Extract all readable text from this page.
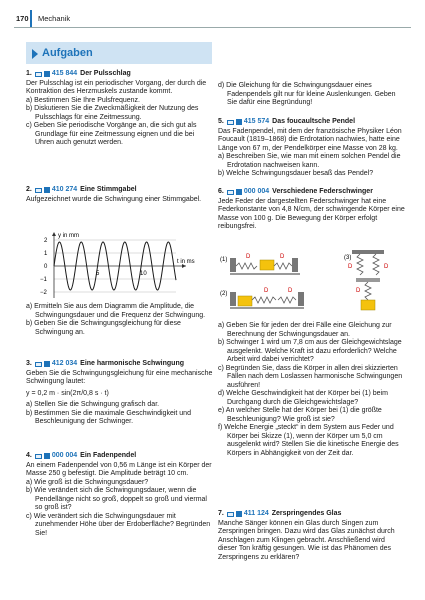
170 Mechanik
Aufgaben
1.	415 844 Der Pulsschlag

Der Pulsschlag ist ein periodischer Vorgang, der durch die Kontraktion des Herzmuskels zustande kommt.

a) Bestimmen Sie Ihre Pulsfrequenz.

b) Diskutieren Sie die Zweckmäßigkeit der Nutzung des Pulsschlags für eine Zeitmessung.

c) Geben Sie periodische Vorgänge an, die sich gut als Grundlage für eine Zeitmessung eignen und die bei Uhren auch genutzt werden.

2.	410 274 Eine Stimmgabel

Aufgezeichnet wurde die Schwingung einer Stimmgabel.

y in mm
t in ms
2
1
0
−1
−2
5	10

a) Ermitteln Sie aus dem Diagramm die Amplitude, die Schwingungsdauer und die Frequenz der Schwingung.

b) Geben Sie die Schwingungsgleichung für diese Schwingung an.

3.	412 034 Eine harmonische Schwingung

Geben Sie die Schwingungsgleichung für eine mechanische Schwingung lautet:

y = 0,2 m · sin(2π/0,8 s · t)

a) Stellen Sie die Schwingung grafisch dar.

b) Bestimmen Sie die maximale Geschwindigkeit und Beschleunigung der Schwinger.

4.	000 004 Ein Fadenpendel

An einem Fadenpendel von 0,56 m Länge ist ein Körper der Masse 250 g befestigt. Die Amplitude beträgt 10 cm.

a) Wie groß ist die Schwingungsdauer?

b) Wie verändert sich die Schwingungsdauer, wenn die Pendellänge nicht so groß, doppelt so groß und viermal so groß ist?

c) Wie verändert sich die Schwingungsdauer mit zunehmender Höhe über der Erdoberfläche? Begründen Sie!

d) Die Gleichung für die Schwingungsdauer eines Fadenpendels gilt nur für kleine Auslenkungen. Geben Sie dafür eine Begründung!

5.	415 574 Das foucaultsche Pendel

Das Fadenpendel, mit dem der französische Physiker Léon Foucault (1819–1868) die Erdrotation nachwies, hatte eine Länge von 67 m, der Pendelkörper eine Masse von 28 kg.

a) Beschreiben Sie, wie man mit einem solchen Pendel die Erdrotation nachweisen kann.

b) Welche Schwingungsdauer besaß das Pendel?

6.	000 004 Verschiedene Federschwinger

Jede Feder der dargestellten Federschwinger hat eine Federkonstante von 4,8 N/cm, der schwingende Körper eine Masse von 100 g. Die Bewegung der Körper erfolgt reibungsfrei.

(1)	D	D
(2)	D	D
(3)
D	D
D

a) Geben Sie für jeden der drei Fälle eine Gleichung zur Berechnung der Schwingungsdauer an.

b) Schwinger 1 wird um 7,8 cm aus der Gleichgewichtslage ausgelenkt. Welche Kraft ist dazu erforderlich? Welche Arbeit wird dabei verrichtet?

c) Begründen Sie, dass die Körper in allen drei skizzierten Fällen nach dem Loslassen harmonische Schwingungen ausführen!

d) Welche Geschwindigkeit hat der Körper bei (1) beim Durchgang durch die Gleichgewichtslage?

e) An welcher Stelle hat der Körper bei (1) die größte Beschleunigung? Wie groß ist sie?

f) Welche Energie „steckt“ in dem System aus Feder und Körper bei Skizze (1), wenn der Körper um 5,0 cm ausgelenkt wird? Stellen Sie die kinetische Energie des Körpers in Abhängigkeit von der Zeit dar.

7.	411 124 Zerspringendes Glas

Manche Sänger können ein Glas durch Singen zum Zerspringen bringen. Dazu wird das Glas zunächst durch Anschlagen zum Klingen gebracht. Anschließend wird dieser Ton kräftig gesungen. Wie ist das Phänomen des Zerspringens zu erklären?
